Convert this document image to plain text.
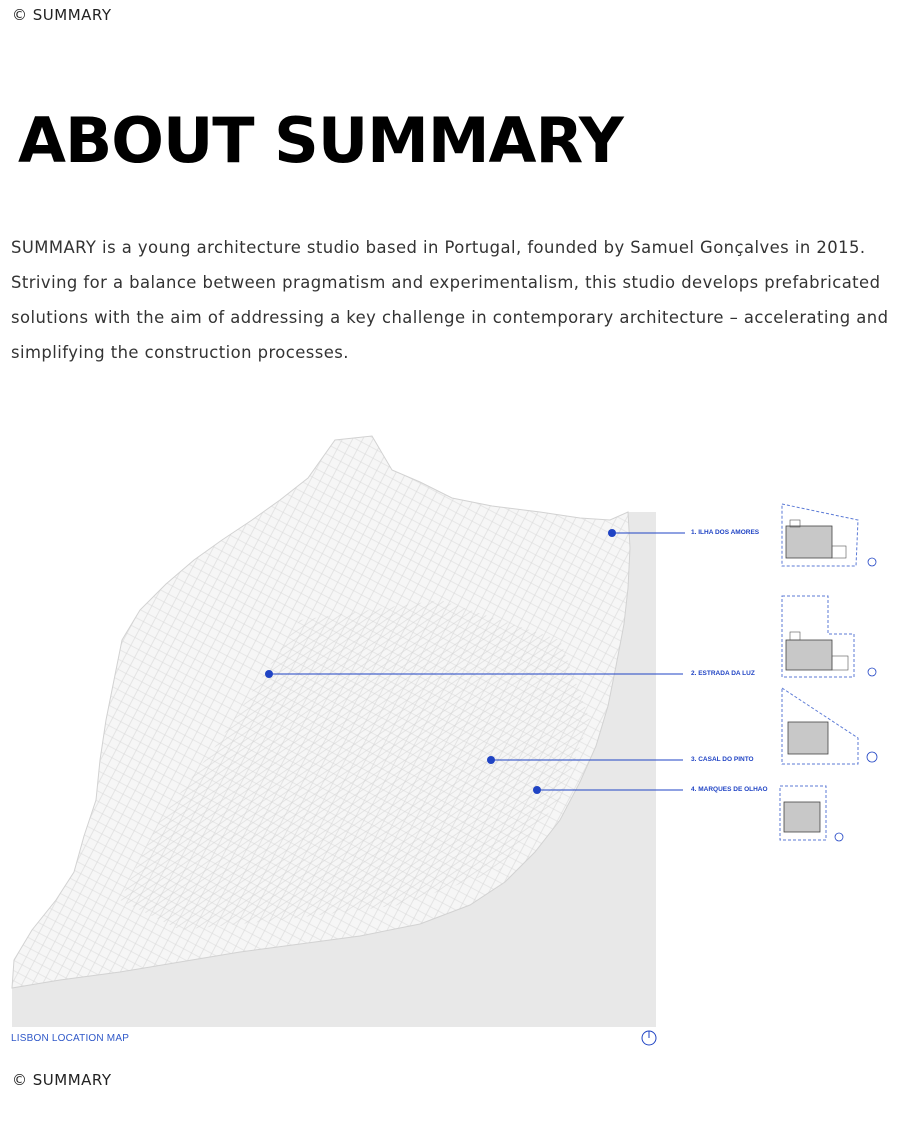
© SUMMARY
ABOUT SUMMARY

SUMMARY is a young architecture studio based in Portugal, founded by Samuel Gonçalves in 2015. Striving for a balance between pragmatism and experimentalism, this studio develops prefabricated solutions with the aim of addressing a key challenge in contemporary architecture – accelerating and simplifying the construction processes.

1. ILHA DOS AMORES
2. ESTRADA DA LUZ
3. CASAL DO PINTO
4. MARQUES DE OLHAO
LISBON LOCATION MAP
© SUMMARY
